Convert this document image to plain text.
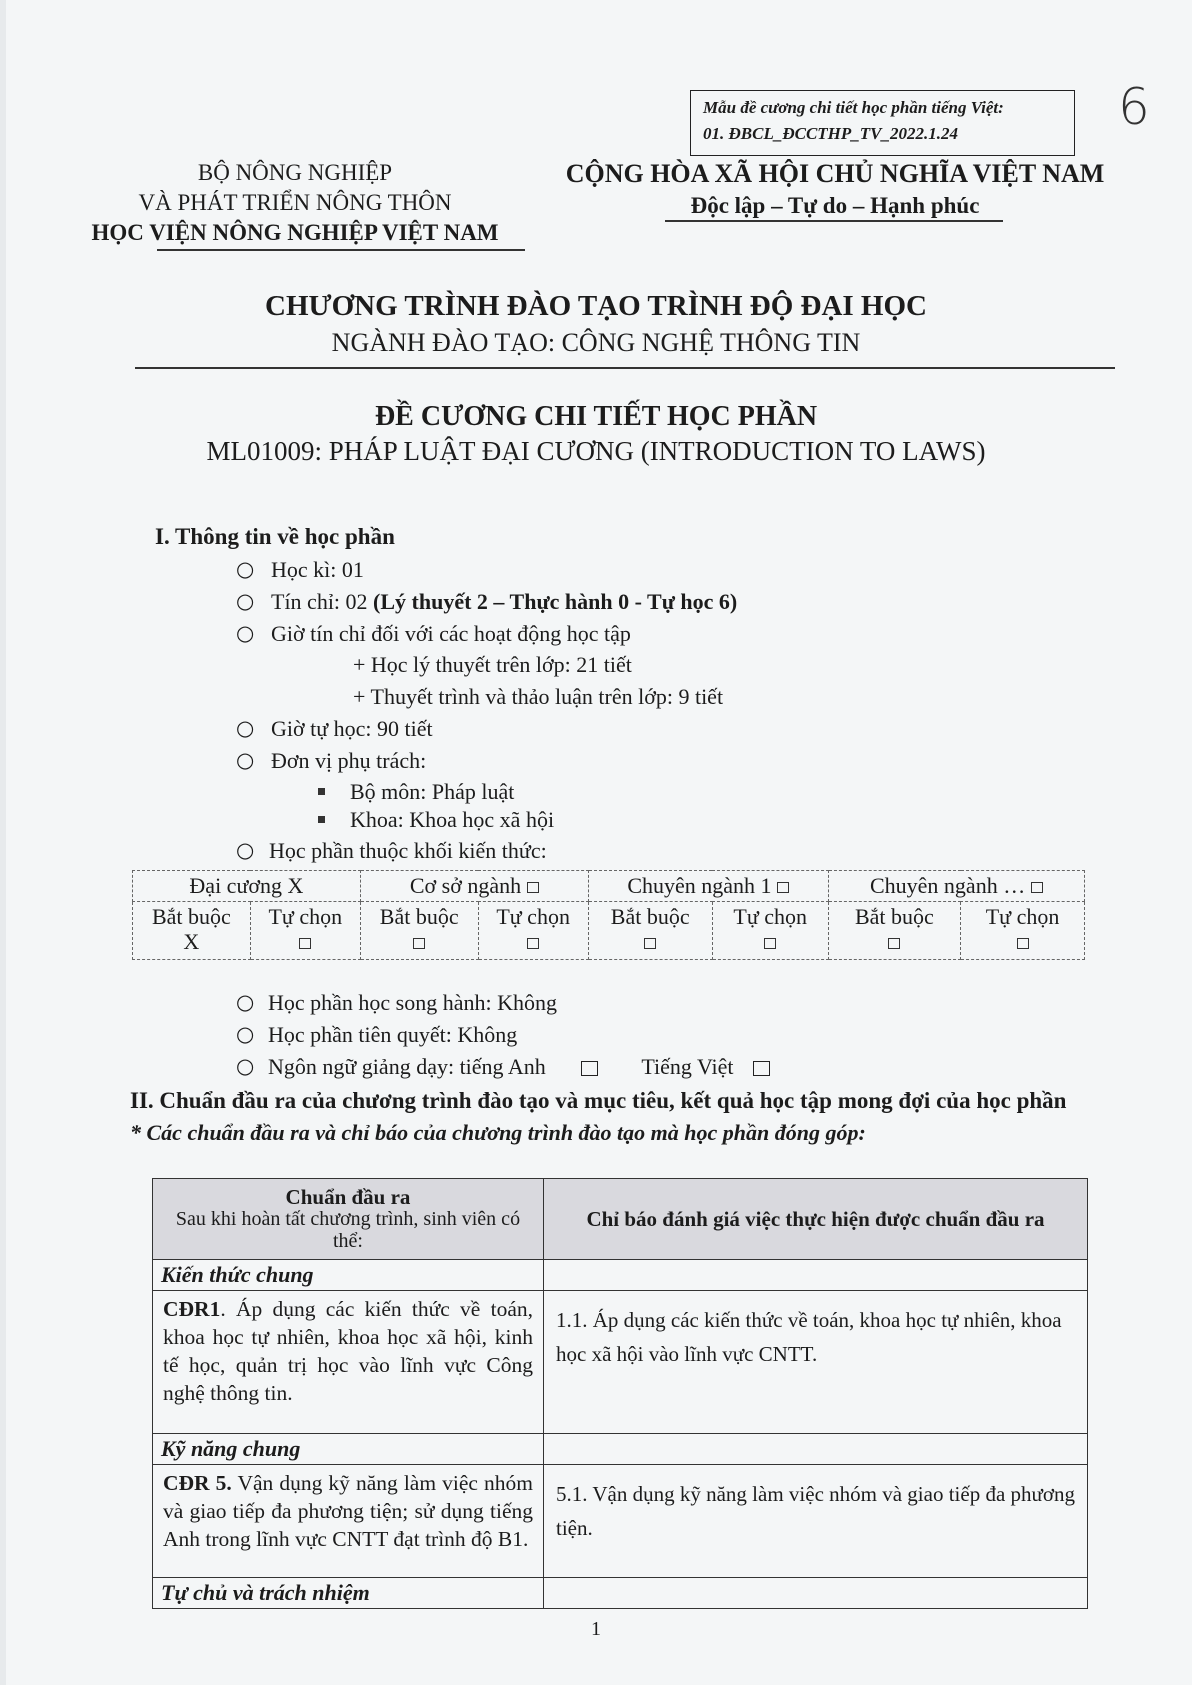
Mẫu đề cương chi tiết học phần tiếng Việt:
01. ĐBCL_ĐCCTHP_TV_2022.1.24	6
BỘ NÔNG NGHIỆP
VÀ PHÁT TRIỂN NÔNG THÔN
HỌC VIỆN NÔNG NGHIỆP VIỆT NAM
CỘNG HÒA XÃ HỘI CHỦ NGHĨA VIỆT NAM
Độc lập – Tự do – Hạnh phúc
CHƯƠNG TRÌNH ĐÀO TẠO TRÌNH ĐỘ ĐẠI HỌC
NGÀNH ĐÀO TẠO: CÔNG NGHỆ THÔNG TIN
ĐỀ CƯƠNG CHI TIẾT HỌC PHẦN
ML01009: PHÁP LUẬT ĐẠI CƯƠNG (INTRODUCTION TO LAWS)
I. Thông tin về học phần
○ Học kì: 01
○ Tín chỉ: 02 (Lý thuyết 2 – Thực hành 0 - Tự học 6)
○ Giờ tín chỉ đối với các hoạt động học tập
+ Học lý thuyết trên lớp: 21 tiết
+ Thuyết trình và thảo luận trên lớp: 9 tiết
○ Giờ tự học: 90 tiết
○ Đơn vị phụ trách:
Bộ môn: Pháp luật
Khoa: Khoa học xã hội
○ Học phần thuộc khối kiến thức:
Đại cương X		Cơ sở ngành		Chuyên ngành 1		Chuyên ngành …	

Bắt buộc
X	Tự chọn	Bắt buộc	Tự chọn	Bắt buộc	Tự chọn	Bắt buộc	Tự chọn
○ Học phần học song hành: Không
○ Học phần tiên quyết: Không
○ Ngôn ngữ giảng dạy: tiếng Anh	Tiếng Việt
II. Chuẩn đầu ra của chương trình đào tạo và mục tiêu, kết quả học tập mong đợi của học phần
* Các chuẩn đầu ra và chỉ báo của chương trình đào tạo mà học phần đóng góp:
Chuẩn đầu ra
Sau khi hoàn tất chương trình, sinh viên có thể:	Chỉ báo đánh giá việc thực hiện được chuẩn đầu ra
Kiến thức chung	
CĐR1. Áp dụng các kiến thức về toán, khoa học tự nhiên, khoa học xã hội, kinh tế học, quản trị học vào lĩnh vực Công nghệ thông tin.	1.1. Áp dụng các kiến thức về toán, khoa học tự nhiên, khoa học xã hội vào lĩnh vực CNTT.
Kỹ năng chung	
CĐR 5. Vận dụng kỹ năng làm việc nhóm và giao tiếp đa phương tiện; sử dụng tiếng Anh trong lĩnh vực CNTT đạt trình độ B1.	5.1. Vận dụng kỹ năng làm việc nhóm và giao tiếp đa phương tiện.
Tự chủ và trách nhiệm	
1
